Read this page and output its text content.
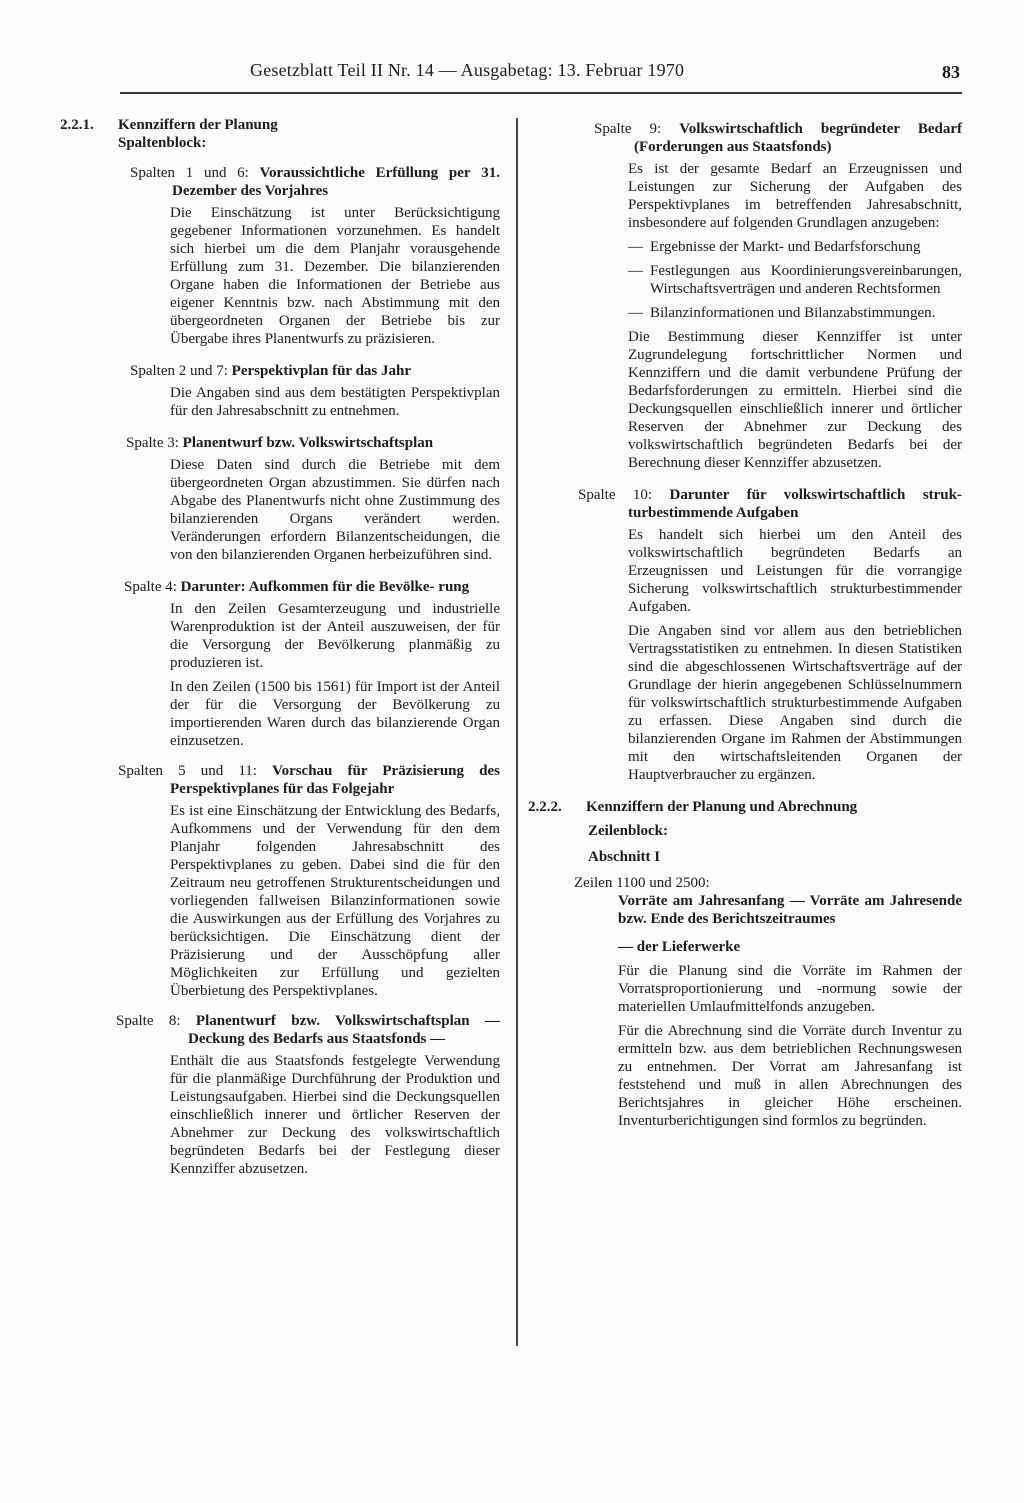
Gesetzblatt Teil II Nr. 14 — Ausgabetag: 13. Februar 1970	83
2.2.1. Kennziffern der Planung
Spaltenblock:
Spalten 1 und 6: Voraussichtliche Erfüllung per 31. Dezember des Vorjahres

Die Einschätzung ist unter Berücksichtigung gegebener Informationen vorzunehmen. Es handelt sich hierbei um die dem Planjahr vorausgehende Erfüllung zum 31. Dezember. Die bilanzierenden Organe haben die Informationen der Betriebe aus eigener Kenntnis bzw. nach Abstimmung mit den übergeordneten Organen der Betriebe bis zur Übergabe ihres Planentwurfs zu präzisieren.

Spalten 2 und 7: Perspektivplan für das Jahr

Die Angaben sind aus dem bestätigten Perspektivplan für den Jahresabschnitt zu entnehmen.

Spalte 3: Planentwurf bzw. Volkswirtschaftsplan

Diese Daten sind durch die Betriebe mit dem übergeordneten Organ abzustimmen. Sie dürfen nach Abgabe des Planentwurfs nicht ohne Zustimmung des bilanzierenden Organs verändert werden. Veränderungen erfordern Bilanzentscheidungen, die von den bilanzierenden Organen herbeizuführen sind.

Spalte 4: Darunter: Aufkommen für die Bevölke- rung

In den Zeilen Gesamterzeugung und industrielle Warenproduktion ist der Anteil auszuweisen, der für die Versorgung der Bevölkerung planmäßig zu produzieren ist.

In den Zeilen (1500 bis 1561) für Import ist der Anteil der für die Versorgung der Bevölkerung zu importierenden Waren durch das bilanzierende Organ einzusetzen.

Spalten 5 und 11: Vorschau für Präzisierung des Perspektivplanes für das Folgejahr

Es ist eine Einschätzung der Entwicklung des Bedarfs, Aufkommens und der Verwendung für den dem Planjahr folgenden Jahresabschnitt des Perspektivplanes zu geben. Dabei sind die für den Zeitraum neu getroffenen Strukturentscheidungen und vorliegenden fallweisen Bilanzinformationen sowie die Auswirkungen aus der Erfüllung des Vorjahres zu berücksichtigen. Die Einschätzung dient der Präzisierung und der Ausschöpfung aller Möglichkeiten zur Erfüllung und gezielten Überbietung des Perspektivplanes.

Spalte 8: Planentwurf bzw. Volkswirtschaftsplan — Deckung des Bedarfs aus Staatsfonds —

Enthält die aus Staatsfonds festgelegte Verwendung für die planmäßige Durchführung der Produktion und Leistungsaufgaben. Hierbei sind die Deckungsquellen einschließlich innerer und örtlicher Reserven der Abnehmer zur Deckung des volkswirtschaftlich begründeten Bedarfs bei der Festlegung dieser Kennziffer abzusetzen.

Spalte 9: Volkswirtschaftlich begründeter Bedarf (Forderungen aus Staatsfonds)

Es ist der gesamte Bedarf an Erzeugnissen und Leistungen zur Sicherung der Aufgaben des Perspektivplanes im betreffenden Jahresabschnitt, insbesondere auf folgenden Grundlagen anzugeben:

— Ergebnisse der Markt- und Bedarfsforschung
— Festlegungen aus Koordinierungsvereinbarungen, Wirtschaftsverträgen und anderen Rechtsformen
— Bilanzinformationen und Bilanzabstimmungen.

Die Bestimmung dieser Kennziffer ist unter Zugrundelegung fortschrittlicher Normen und Kennziffern und die damit verbundene Prüfung der Bedarfsforderungen zu ermitteln. Hierbei sind die Deckungsquellen einschließlich innerer und örtlicher Reserven der Abnehmer zur Deckung des volkswirtschaftlich begründeten Bedarfs bei der Berechnung dieser Kennziffer abzusetzen.

Spalte 10: Darunter für volkswirtschaftlich struk- turbestimmende Aufgaben

Es handelt sich hierbei um den Anteil des volkswirtschaftlich begründeten Bedarfs an Erzeugnissen und Leistungen für die vorrangige Sicherung volkswirtschaftlich strukturbestimmender Aufgaben.

Die Angaben sind vor allem aus den betrieblichen Vertragsstatistiken zu entnehmen. In diesen Statistiken sind die abgeschlossenen Wirtschaftsverträge auf der Grundlage der hierin angegebenen Schlüsselnummern für volkswirtschaftlich strukturbestimmende Aufgaben zu erfassen. Diese Angaben sind durch die bilanzierenden Organe im Rahmen der Abstimmungen mit den wirtschaftsleitenden Organen der Hauptverbraucher zu ergänzen.

2.2.2. Kennziffern der Planung und Abrechnung
Zeilenblock:
Abschnitt I
Zeilen 1100 und 2500:
Vorräte am Jahresanfang — Vorräte am Jahresende bzw. Ende des Berichtszeitraumes
— der Lieferwerke

Für die Planung sind die Vorräte im Rahmen der Vorratsproportionierung und -normung sowie der materiellen Umlaufmittelfonds anzugeben.

Für die Abrechnung sind die Vorräte durch Inventur zu ermitteln bzw. aus dem betrieblichen Rechnungswesen zu entnehmen. Der Vorrat am Jahresanfang ist feststehend und muß in allen Abrechnungen des Berichtsjahres in gleicher Höhe erscheinen. Inventurberichtigungen sind formlos zu begründen.
